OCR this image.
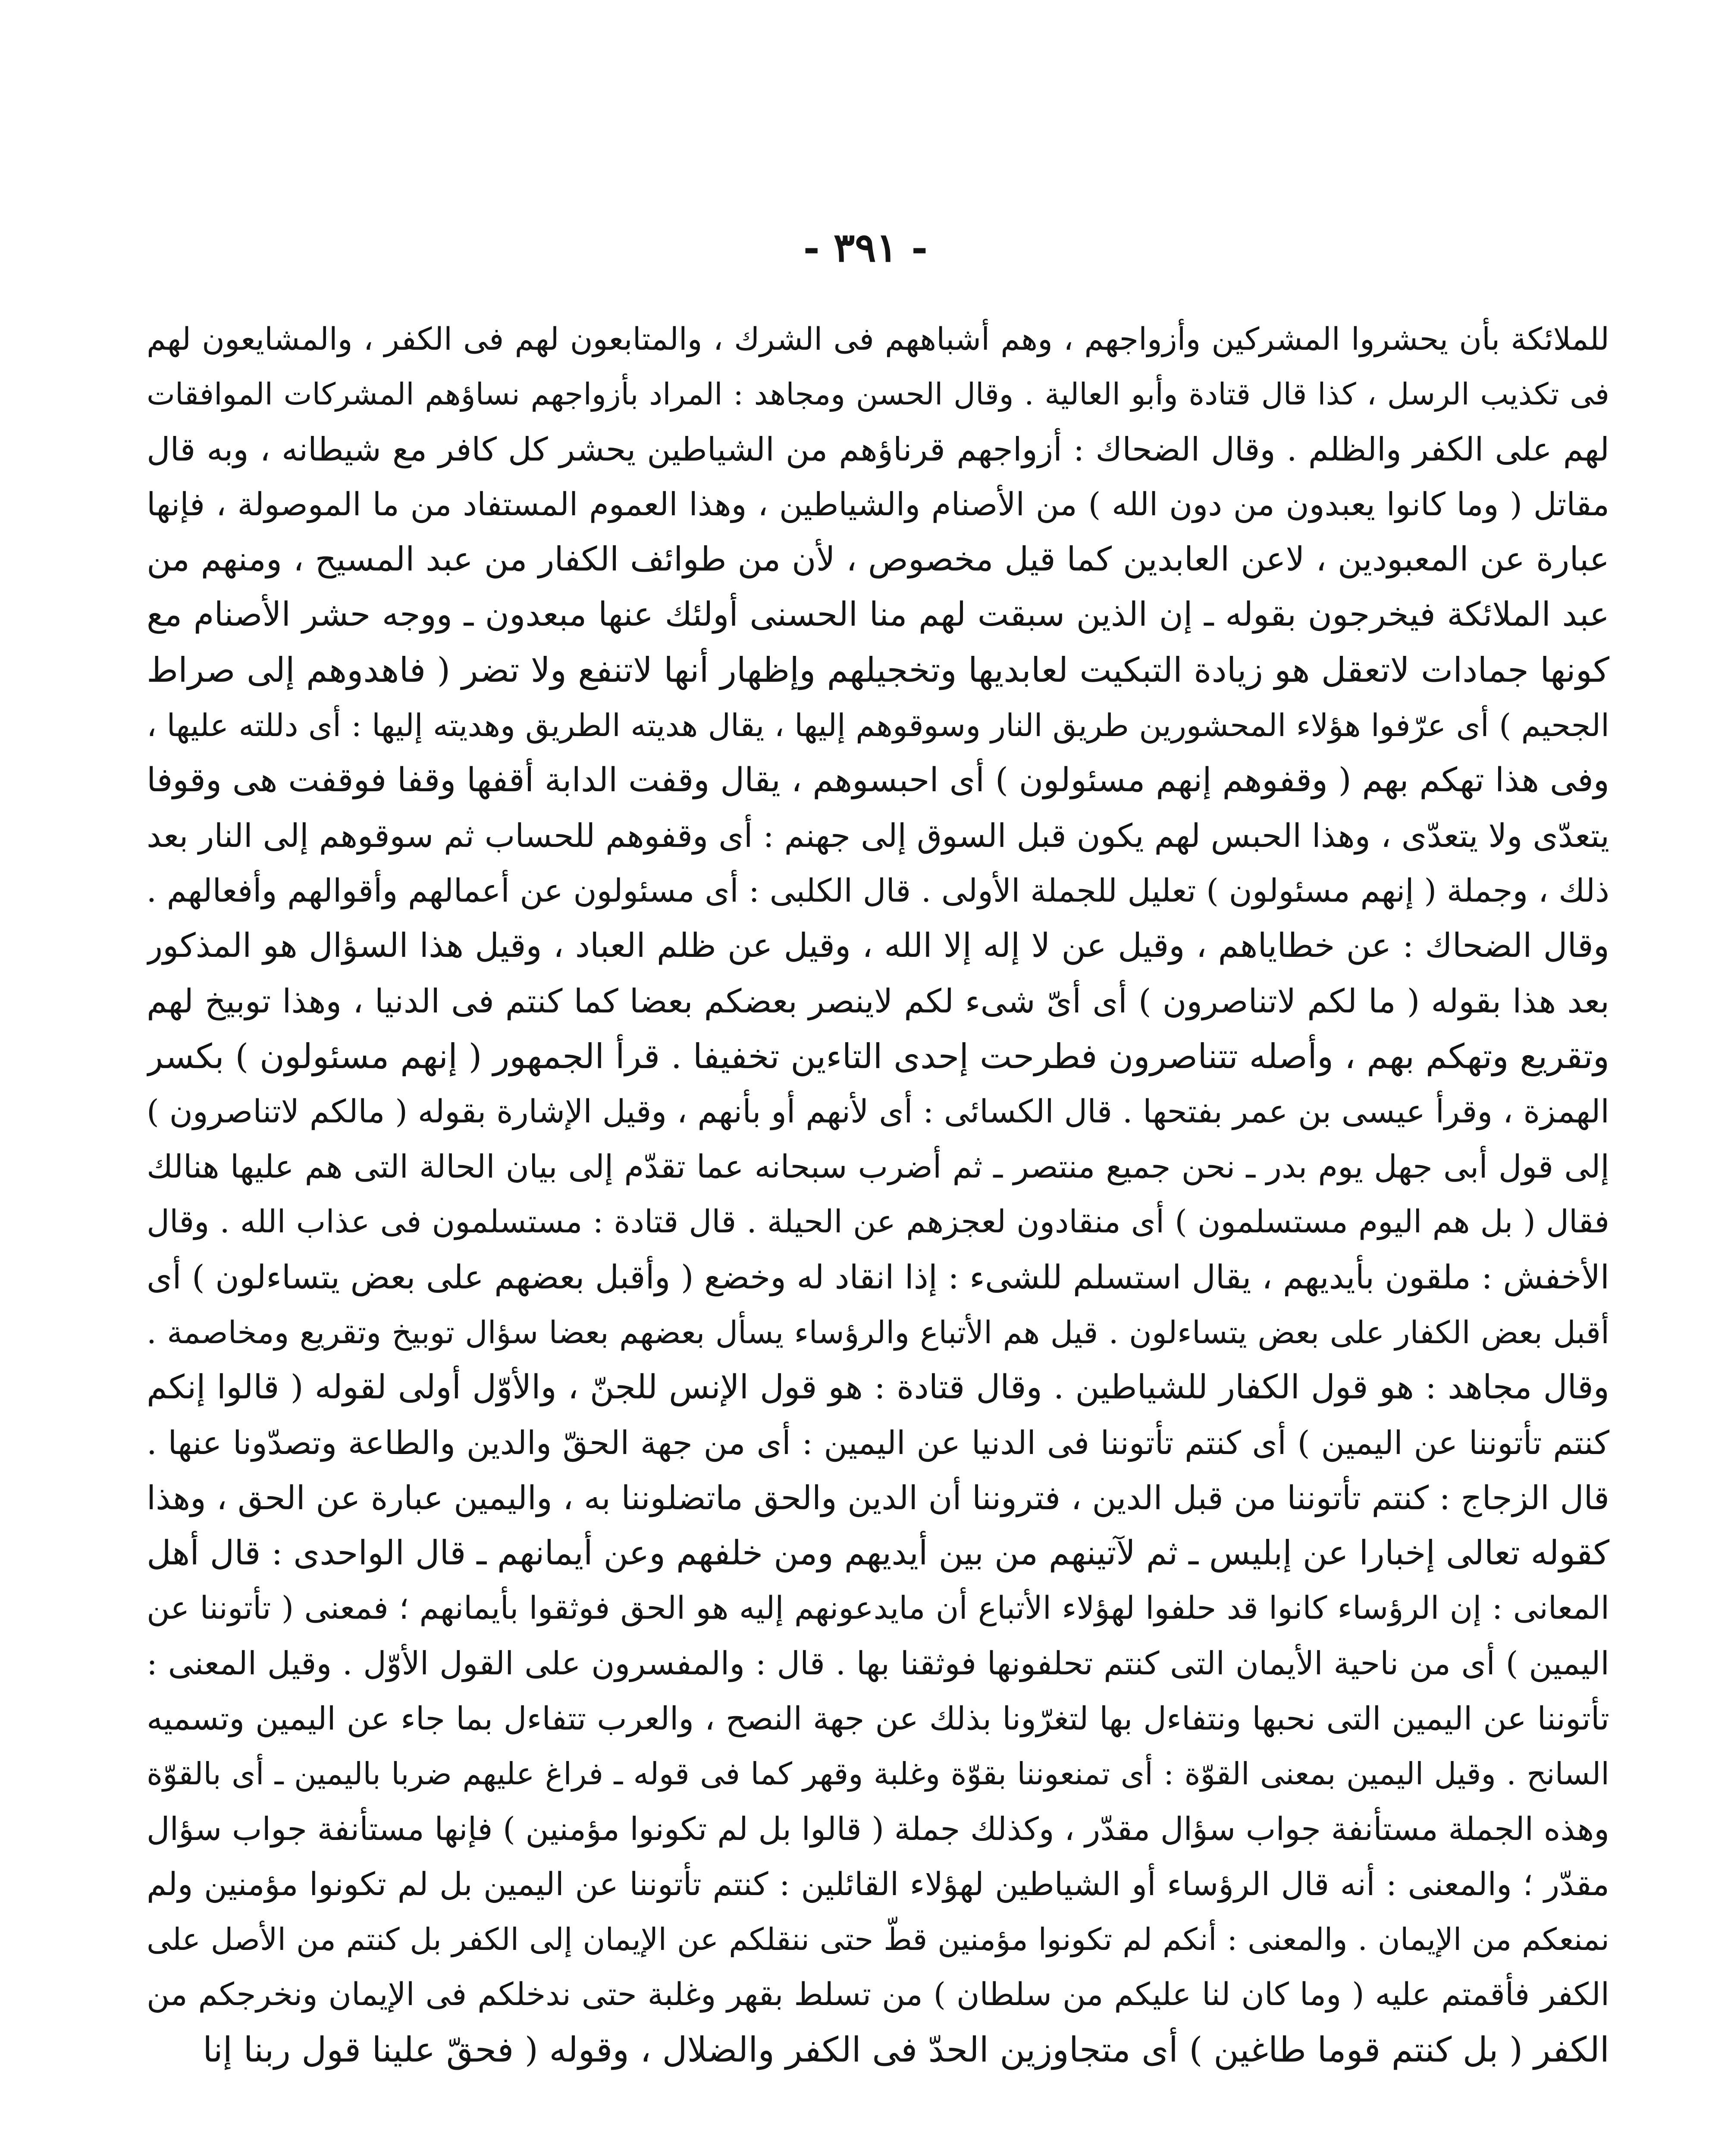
- ٣٩١ -
للملائكة بأن يحشروا المشركين وأزواجهم ، وهم أشباههم فى الشرك ، والمتابعون لهم فى الكفر ، والمشايعون لهم
فى تكذيب الرسل ، كذا قال قتادة وأبو العالية . وقال الحسن ومجاهد : المراد بأزواجهم نساؤهم المشركات الموافقات
لهم على الكفر والظلم . وقال الضحاك : أزواجهم قرناؤهم من الشياطين يحشر كل كافر مع شيطانه ، وبه قال
مقاتل ( وما كانوا يعبدون من دون الله ) من الأصنام والشياطين ، وهذا العموم المستفاد من ما الموصولة ، فإنها
عبارة عن المعبودين ، لاعن العابدين كما قيل مخصوص ، لأن من طوائف الكفار من عبد المسيح ، ومنهم من
عبد الملائكة فيخرجون بقوله ـ إن الذين سبقت لهم منا الحسنى أولئك عنها مبعدون ـ ووجه حشر الأصنام مع
كونها جمادات لاتعقل هو زيادة التبكيت لعابديها وتخجيلهم وإظهار أنها لاتنفع ولا تضر ( فاهدوهم إلى صراط
الجحيم ) أى عرّفوا هؤلاء المحشورين طريق النار وسوقوهم إليها ، يقال هديته الطريق وهديته إليها : أى دللته عليها ،
وفى هذا تهكم بهم ( وقفوهم إنهم مسئولون ) أى احبسوهم ، يقال وقفت الدابة أقفها وقفا فوقفت هى وقوفا
يتعدّى ولا يتعدّى ، وهذا الحبس لهم يكون قبل السوق إلى جهنم : أى وقفوهم للحساب ثم سوقوهم إلى النار بعد
ذلك ، وجملة ( إنهم مسئولون ) تعليل للجملة الأولى . قال الكلبى : أى مسئولون عن أعمالهم وأقوالهم وأفعالهم .
وقال الضحاك : عن خطاياهم ، وقيل عن لا إله إلا الله ، وقيل عن ظلم العباد ، وقيل هذا السؤال هو المذكور
بعد هذا بقوله ( ما لكم لاتناصرون ) أى أىّ شىء لكم لاينصر بعضكم بعضا كما كنتم فى الدنيا ، وهذا توبيخ لهم
وتقريع وتهكم بهم ، وأصله تتناصرون فطرحت إحدى التاءين تخفيفا . قرأ الجمهور ( إنهم مسئولون ) بكسر
الهمزة ، وقرأ عيسى بن عمر بفتحها . قال الكسائى : أى لأنهم أو بأنهم ، وقيل الإشارة بقوله ( مالكم لاتناصرون )
إلى قول أبى جهل يوم بدر ـ نحن جميع منتصر ـ ثم أضرب سبحانه عما تقدّم إلى بيان الحالة التى هم عليها هنالك
فقال ( بل هم اليوم مستسلمون ) أى منقادون لعجزهم عن الحيلة . قال قتادة : مستسلمون فى عذاب الله . وقال
الأخفش : ملقون بأيديهم ، يقال استسلم للشىء : إذا انقاد له وخضع ( وأقبل بعضهم على بعض يتساءلون ) أى
أقبل بعض الكفار على بعض يتساءلون . قيل هم الأتباع والرؤساء يسأل بعضهم بعضا سؤال توبيخ وتقريع ومخاصمة .
وقال مجاهد : هو قول الكفار للشياطين . وقال قتادة : هو قول الإنس للجنّ ، والأوّل أولى لقوله ( قالوا إنكم
كنتم تأتوننا عن اليمين ) أى كنتم تأتوننا فى الدنيا عن اليمين : أى من جهة الحقّ والدين والطاعة وتصدّونا عنها .
قال الزجاج : كنتم تأتوننا من قبل الدين ، فتروننا أن الدين والحق ماتضلوننا به ، واليمين عبارة عن الحق ، وهذا
كقوله تعالى إخبارا عن إبليس ـ ثم لآتينهم من بين أيديهم ومن خلفهم وعن أيمانهم ـ قال الواحدى : قال أهل
المعانى : إن الرؤساء كانوا قد حلفوا لهؤلاء الأتباع أن مايدعونهم إليه هو الحق فوثقوا بأيمانهم ؛ فمعنى ( تأتوننا عن
اليمين ) أى من ناحية الأيمان التى كنتم تحلفونها فوثقنا بها . قال : والمفسرون على القول الأوّل . وقيل المعنى :
تأتوننا عن اليمين التى نحبها ونتفاءل بها لتغرّونا بذلك عن جهة النصح ، والعرب تتفاءل بما جاء عن اليمين وتسميه
السانح . وقيل اليمين بمعنى القوّة : أى تمنعوننا بقوّة وغلبة وقهر كما فى قوله ـ فراغ عليهم ضربا باليمين ـ أى بالقوّة
وهذه الجملة مستأنفة جواب سؤال مقدّر ، وكذلك جملة ( قالوا بل لم تكونوا مؤمنين ) فإنها مستأنفة جواب سؤال
مقدّر ؛ والمعنى : أنه قال الرؤساء أو الشياطين لهؤلاء القائلين : كنتم تأتوننا عن اليمين بل لم تكونوا مؤمنين ولم
نمنعكم من الإيمان . والمعنى : أنكم لم تكونوا مؤمنين قطّ حتى ننقلكم عن الإيمان إلى الكفر بل كنتم من الأصل على
الكفر فأقمتم عليه ( وما كان لنا عليكم من سلطان ) من تسلط بقهر وغلبة حتى ندخلكم فى الإيمان ونخرجكم من
الكفر ( بل كنتم قوما طاغين ) أى متجاوزين الحدّ فى الكفر والضلال ، وقوله ( فحقّ علينا قول ربنا إنا
